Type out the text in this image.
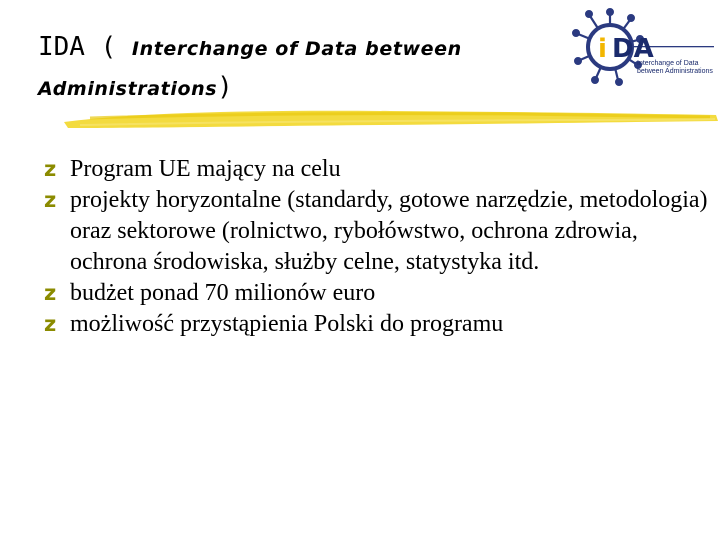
IDA ( Interchange of Data between
Administrations)
i DA
Interchange of Data
between Administrations
z Program UE mający na celu
z projekty horyzontalne (standardy, gotowe narzędzie, metodologia) oraz sektorowe (rolnictwo, rybołówstwo, ochrona zdrowia, ochrona środowiska, służby celne, statystyka itd.
z budżet ponad 70 milionów euro
z możliwość przystąpienia Polski do programu
